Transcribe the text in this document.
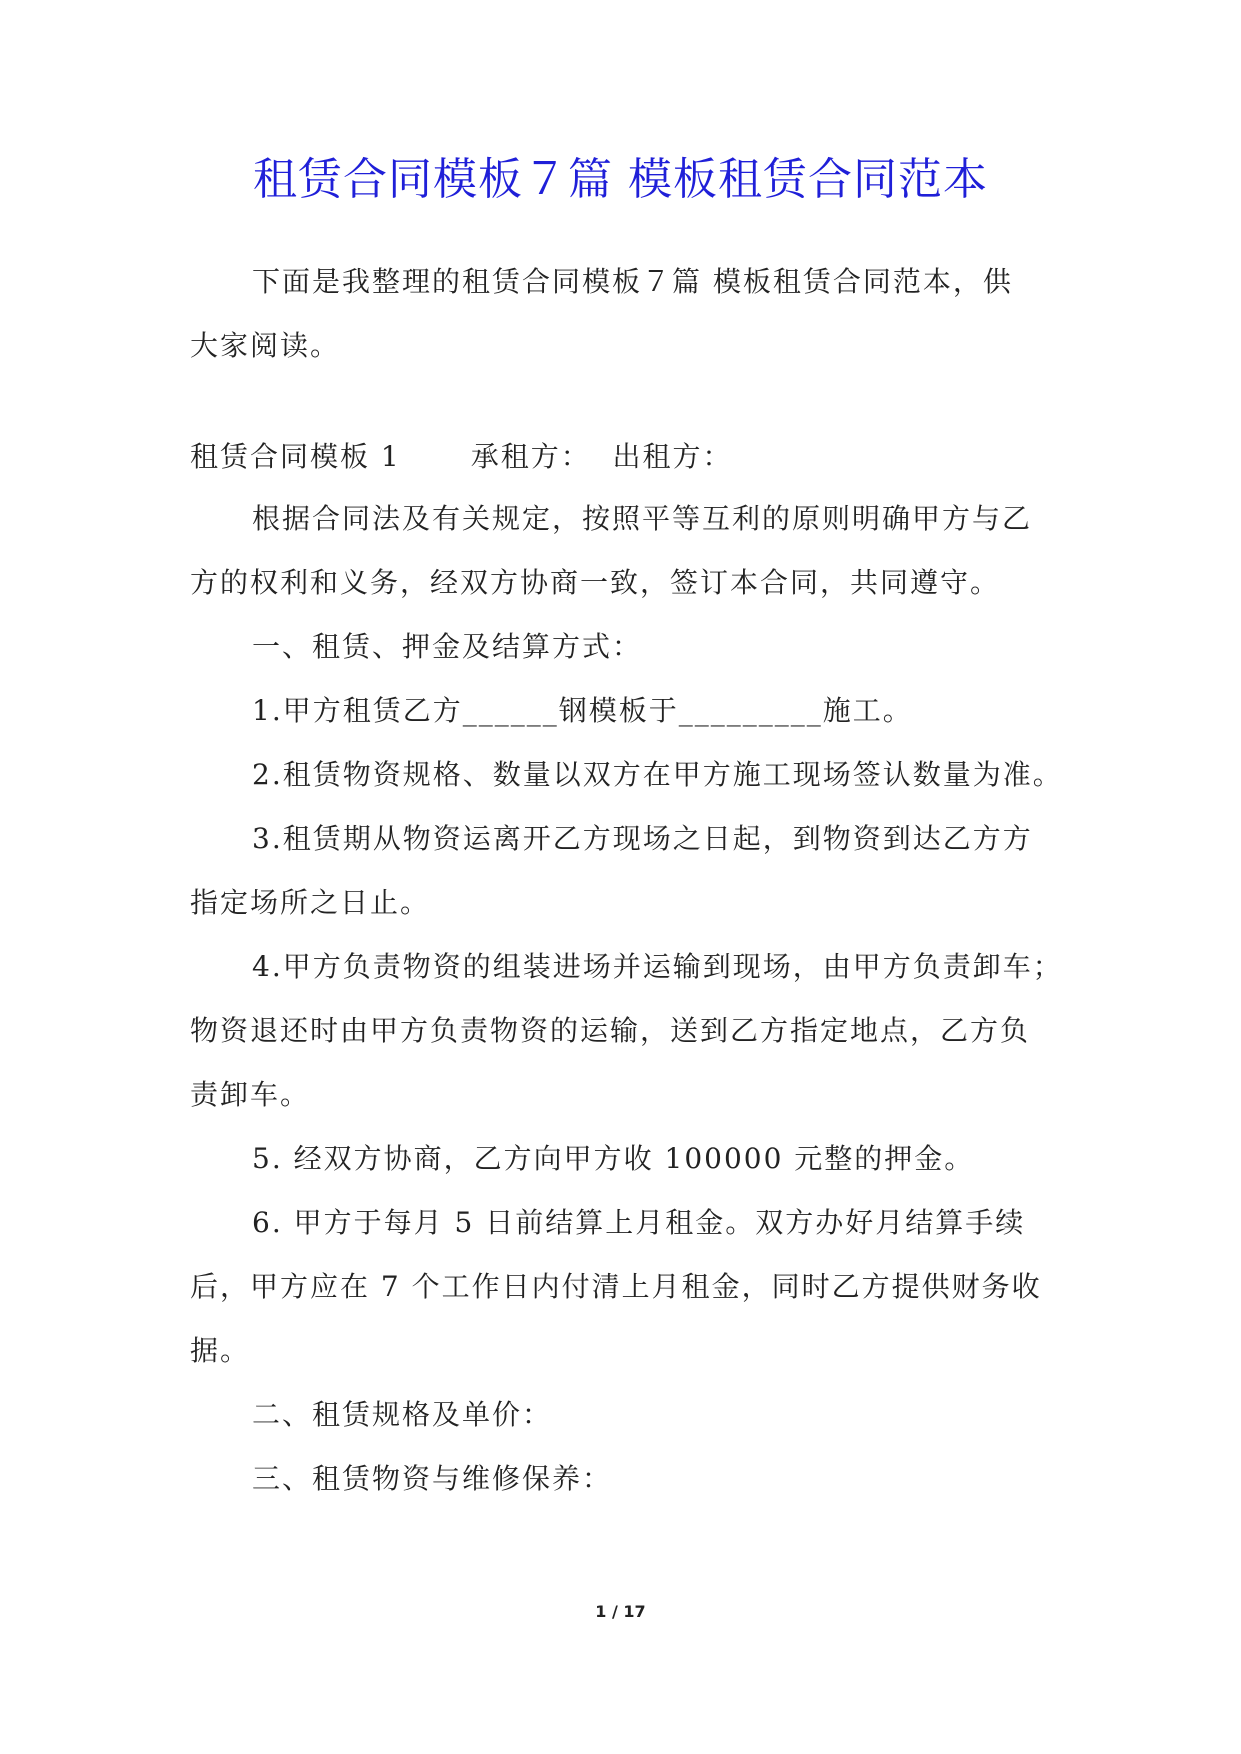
租赁合同模板７篇 模板租赁合同范本
下面是我整理的租赁合同模板７篇 模板租赁合同范本，供
大家阅读。
租赁合同模板 1	承租方： 出租方：
根据合同法及有关规定，按照平等互利的原则明确甲方与乙
方的权利和义务，经双方协商一致，签订本合同，共同遵守。
一、租赁、押金及结算方式：
1.甲方租赁乙方______钢模板于_________施工。
2.租赁物资规格、数量以双方在甲方施工现场签认数量为准。
3.租赁期从物资运离开乙方现场之日起，到物资到达乙方方
指定场所之日止。
4.甲方负责物资的组装进场并运输到现场，由甲方负责卸车；
物资退还时由甲方负责物资的运输，送到乙方指定地点，乙方负
责卸车。
5. 经双方协商，乙方向甲方收 100000 元整的押金。
6. 甲方于每月 5 日前结算上月租金。双方办好月结算手续
后，甲方应在 7 个工作日内付清上月租金，同时乙方提供财务收
据。
二、租赁规格及单价：
三、租赁物资与维修保养：
1 / 17
